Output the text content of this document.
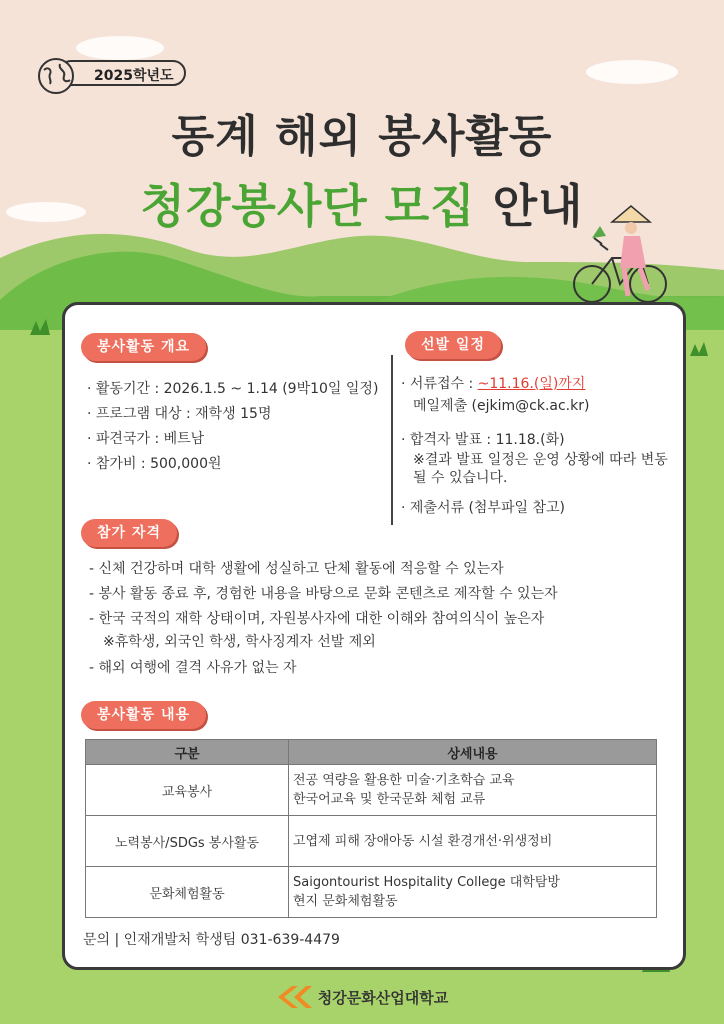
2025학년도
동계 해외 봉사활동
청강봉사단 모집 안내
봉사활동 개요
· 활동기간 : 2026.1.5 ~ 1.14 (9박10일 일정)
· 프로그램 대상 : 재학생 15명
· 파견국가 : 베트남
· 참가비 : 500,000원
선발 일정
· 서류접수 : ~11.16.(일)까지
메일제출 (ejkim@ck.ac.kr)
· 합격자 발표 : 11.18.(화)
※결과 발표 일정은 운영 상황에 따라 변동될 수 있습니다.
· 제출서류 (첨부파일 참고)
참가 자격
- 신체 건강하며 대학 생활에 성실하고 단체 활동에 적응할 수 있는자
- 봉사 활동 종료 후, 경험한 내용을 바탕으로 문화 콘텐츠로 제작할 수 있는자
- 한국 국적의 재학 상태이며, 자원봉사자에 대한 이해와 참여의식이 높은자
※휴학생, 외국인 학생, 학사징계자 선발 제외
- 해외 여행에 결격 사유가 없는 자
봉사활동 내용
구분	상세내용
교육봉사	전공 역량을 활용한 미술·기초학습 교육
한국어교육 및 한국문화 체험 교류

노력봉사/SDGs 봉사활동	고엽제 피해 장애아동 시설 환경개선·위생정비

문화체험활동	Saigontourist Hospitality College 대학탐방
현지 문화체험활동
문의 | 인재개발처 학생팀 031-639-4479
청강문화산업대학교
